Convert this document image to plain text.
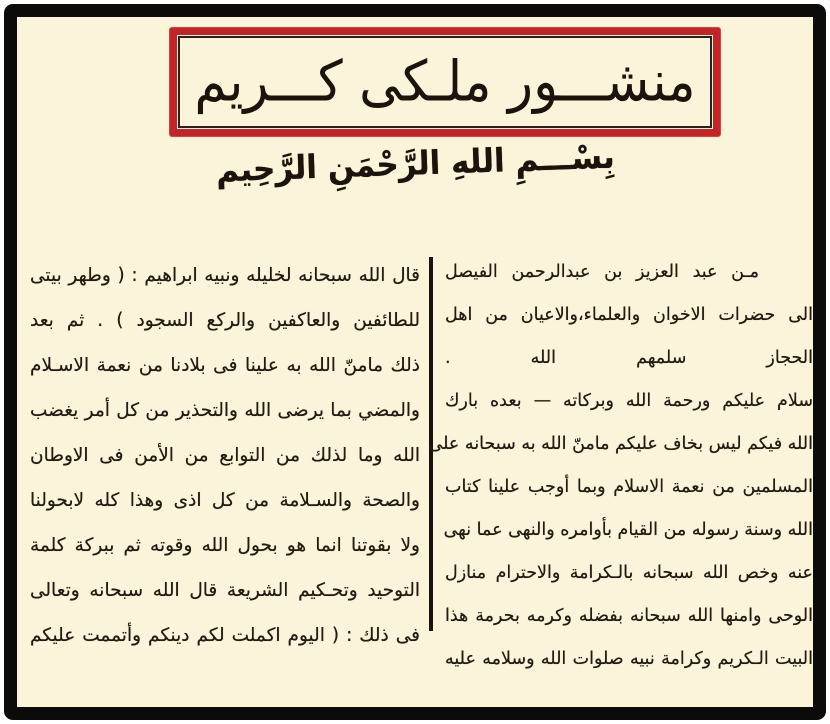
منشـــور ملـكى كـــريم
بِسْـــمِ اللهِ الرَّحْمَنِ الرَّحِيم
مـن عبد العزيز بن عبدالرحمن الفيصل
الى حضرات الاخوان والعلماء،والاعيان من اهل
الحجاز سلمهم الله .
سلام عليكم ورحمة الله وبركاته — بعده بارك
الله فيكم ليس بخاف عليكم مامنّ الله به سبحانه على
المسلمين من نعمة الاسلام وبما أوجب علينا كتاب
الله وسنة رسوله من القيام بأوامره والنهى عما نهى
عنه وخص الله سبحانه بالـكرامة والاحترام منازل
الوحى وامنها الله سبحانه بفضله وكرمه بحرمة هذا
البيت الـكريم وكرامة نبيه صلوات الله وسلامه عليه
قال الله سبحانه لخليله ونبيه ابراهيم : ( وطهر بيتى
للطائفين والعاكفين والركع السجود ) . ثم بعد
ذلك مامنّ الله به علينا فى بلادنا من نعمة الاسـلام
والمضي بما يرضى الله والتحذير من كل أمر يغضب
الله وما لذلك من التوابع من الأمن فى الاوطان
والصحة والسـلامة من كل اذى وهذا كله لابحولنا
ولا بقوتنا انما هو بحول الله وقوته ثم ببركة كلمة
التوحيد وتحـكيم الشريعة قال الله سبحانه وتعالى
فى ذلك : ( اليوم اكملت لكم دينكم وأتممت عليكم
